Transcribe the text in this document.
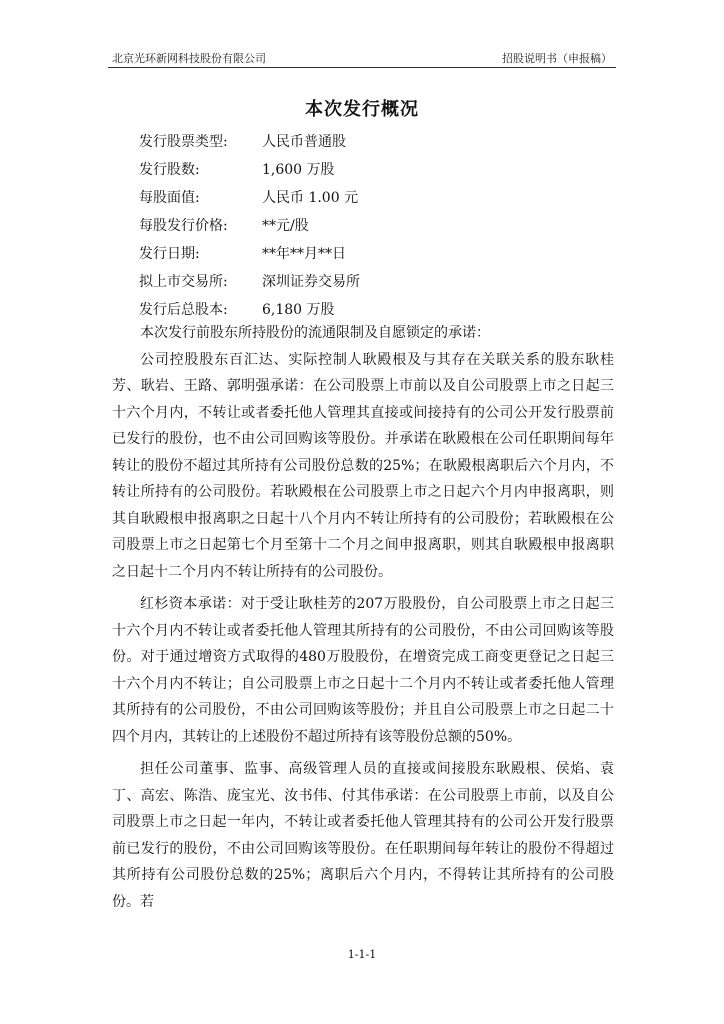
北京光环新网科技股份有限公司	招股说明书（申报稿）
本次发行概况
发行股票类型: 人民币普通股
发行股数:	1,600 万股
每股面值:	人民币 1.00 元
每股发行价格: **元/股
发行日期:	**年**月**日
拟上市交易所: 深圳证券交易所
发行后总股本: 6,180 万股

本次发行前股东所持股份的流通限制及自愿锁定的承诺：

公司控股股东百汇达、实际控制人耿殿根及与其存在关联关系的股东耿桂芳、耿岩、王路、郭明强承诺：在公司股票上市前以及自公司股票上市之日起三十六个月内，不转让或者委托他人管理其直接或间接持有的公司公开发行股票前已发行的股份，也不由公司回购该等股份。并承诺在耿殿根在公司任职期间每年转让的股份不超过其所持有公司股份总数的25%；在耿殿根离职后六个月内，不转让所持有的公司股份。若耿殿根在公司股票上市之日起六个月内申报离职，则其自耿殿根申报离职之日起十八个月内不转让所持有的公司股份；若耿殿根在公司股票上市之日起第七个月至第十二个月之间申报离职，则其自耿殿根申报离职之日起十二个月内不转让所持有的公司股份。

红杉资本承诺：对于受让耿桂芳的207万股股份，自公司股票上市之日起三十六个月内不转让或者委托他人管理其所持有的公司股份，不由公司回购该等股份。对于通过增资方式取得的480万股股份，在增资完成工商变更登记之日起三十六个月内不转让；自公司股票上市之日起十二个月内不转让或者委托他人管理其所持有的公司股份，不由公司回购该等股份；并且自公司股票上市之日起二十四个月内，其转让的上述股份不超过所持有该等股份总额的50%。

担任公司董事、监事、高级管理人员的直接或间接股东耿殿根、侯焰、袁丁、高宏、陈浩、庞宝光、汝书伟、付其伟承诺：在公司股票上市前，以及自公司股票上市之日起一年内，不转让或者委托他人管理其持有的公司公开发行股票前已发行的股份，不由公司回购该等股份。在任职期间每年转让的股份不得超过其所持有公司股份总数的25%；离职后六个月内，不得转让其所持有的公司股份。若

1-1-1
